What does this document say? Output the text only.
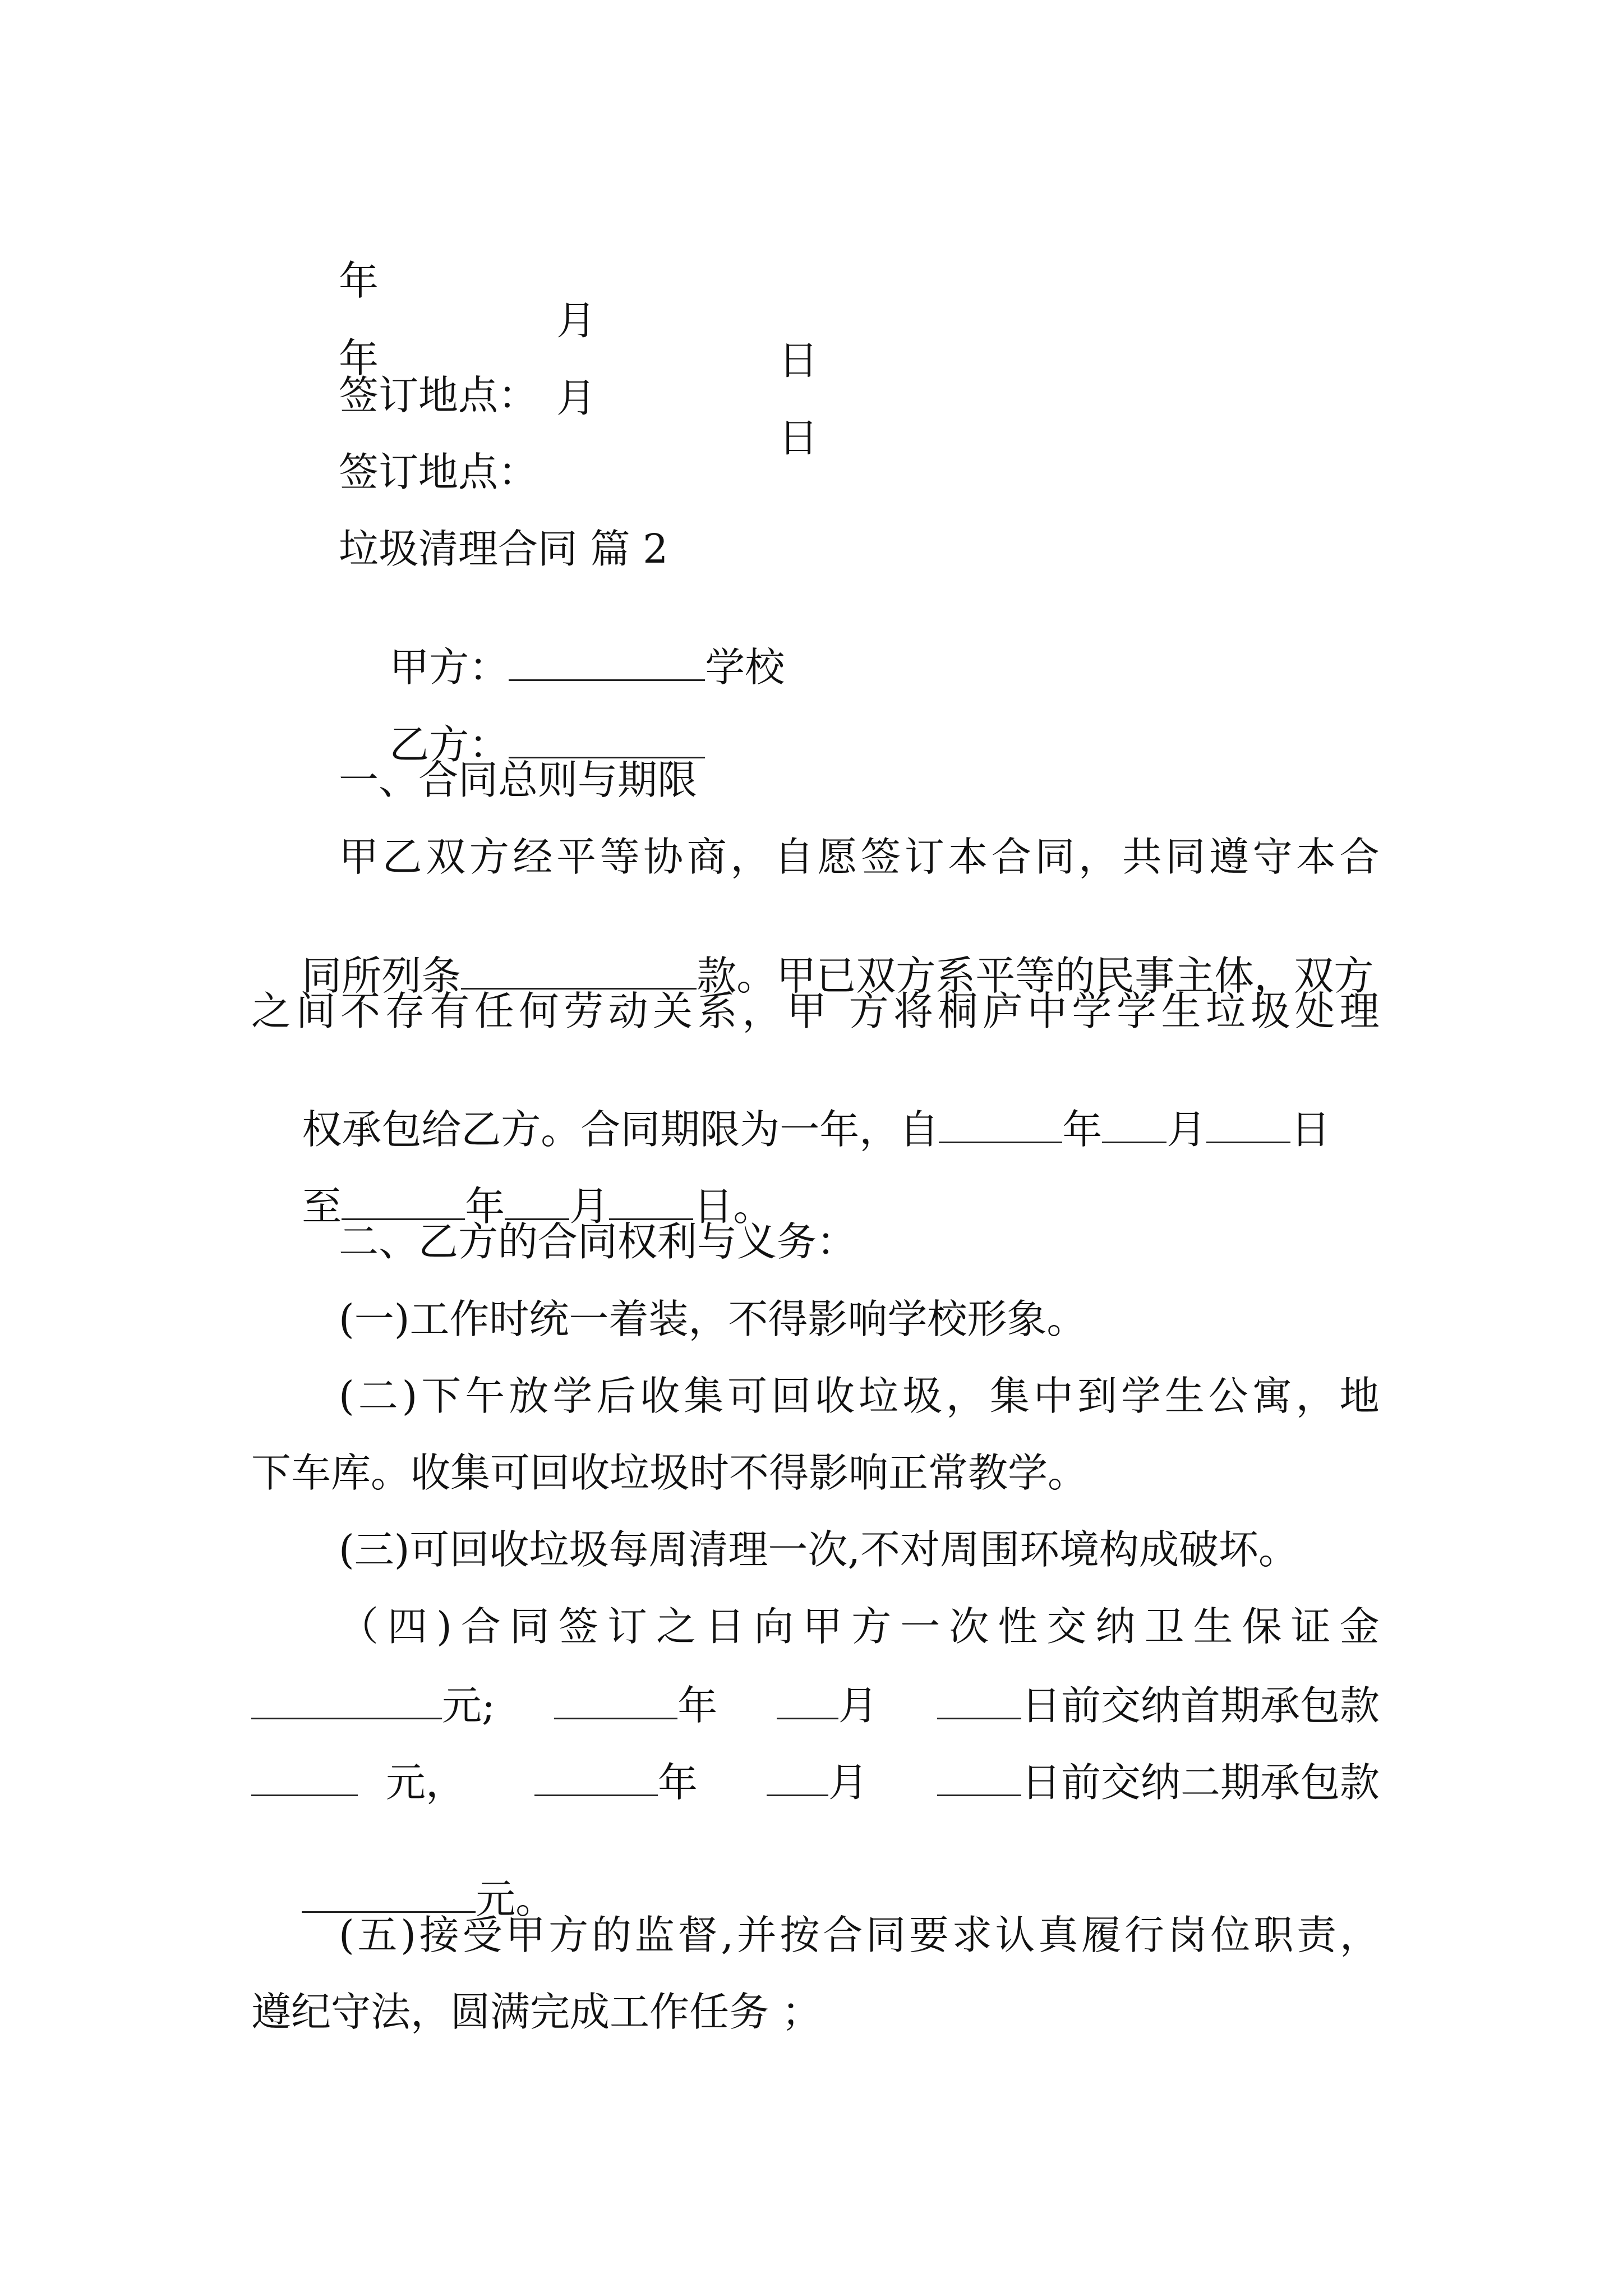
年

月

日

年

月

日

签订地点：
签订地点：
垃圾清理合同 篇 2

甲方：	学校

乙方：

一、合同总则与期限
甲 乙 双 方 经 平 等 协 商 ， 自 愿 签 订 本 合 同 ， 共 同 遵 守 本 合

同所列条	款。甲已双方系平等的民事主体，双方

之 间 不 存 有 任 何 劳 动 关 系 ， 甲
方 将 桐 庐 中 学 学 生 垃 圾 处 理

权承包给乙方。合同期限为一年，自	年 月 日

至	年 月 日。

二、乙方的合同权利与义务：
(一)工作时统一着装，不得影响学校形象。
( 二 ) 下 午 放 学 后 收 集 可 回 收 垃 圾 ， 集 中 到 学 生 公 寓 ， 地
下车库。收集可回收垃圾时不得影响正常教学。
(三)可回收垃圾每周清理一次,不对周围环境构成破坏。
（ 四 ) 合 同 签 订 之 日 向 甲 方 一 次 性 交 纳 卫 生 保 证 金
元;	年	月	日前交纳首期承包款
元，	年	月	日前交纳二期承包款

元。

( 五 ) 接 受 甲 方 的 监 督 , 并 按 合 同 要 求 认 真 履 行 岗 位 职 责 ，
遵纪守法，圆满完成工作任务 ；
